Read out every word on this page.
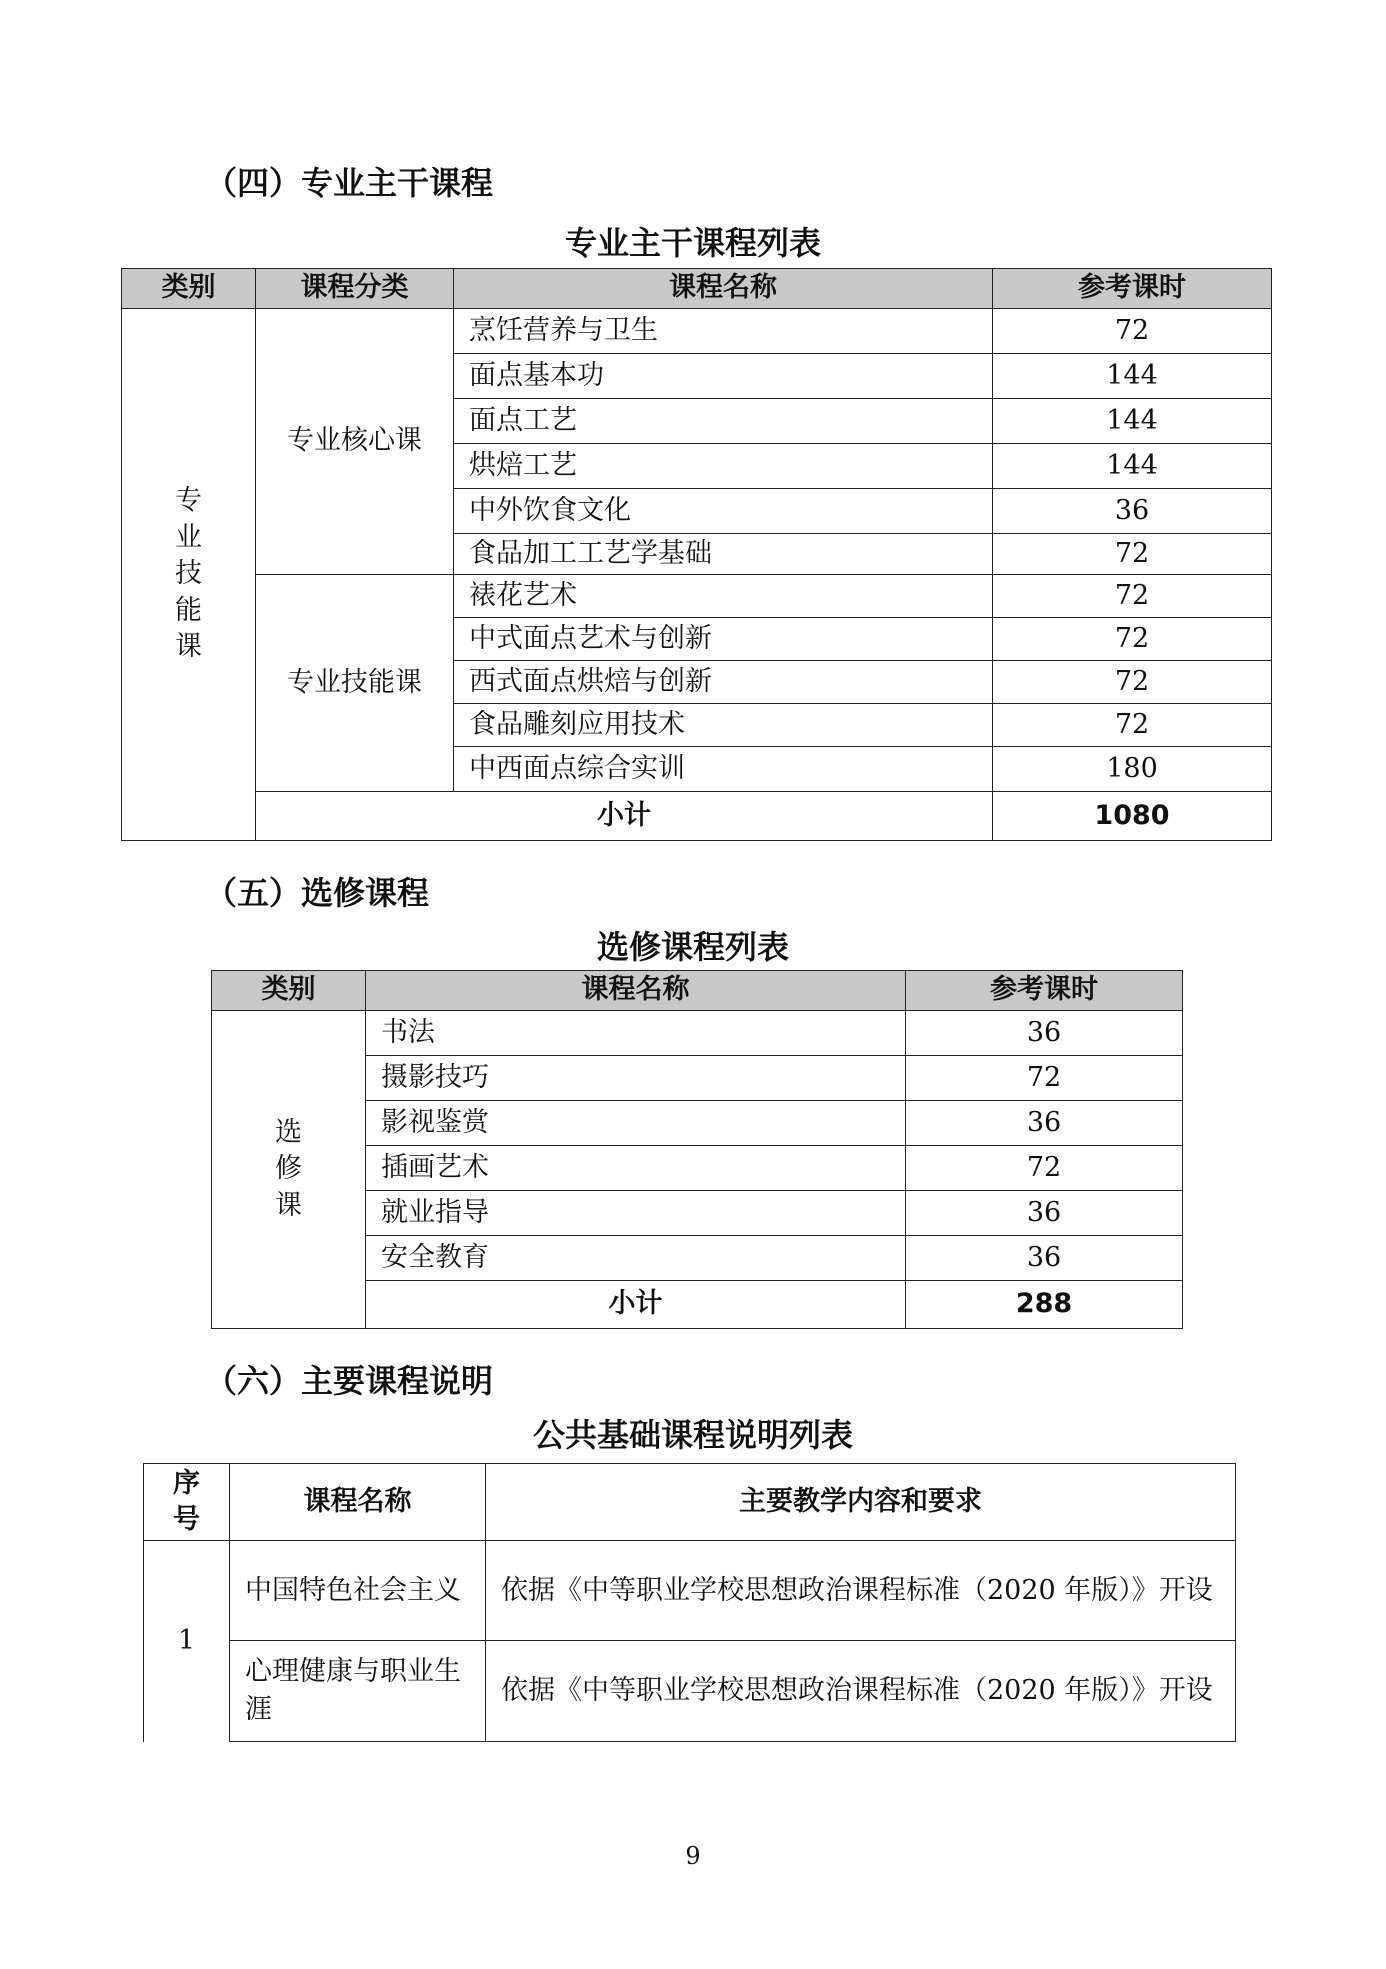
（四）专业主干课程
专业主干课程列表
类别	课程分类	课程名称	参考课时
专业技能课	专业核心课	烹饪营养与卫生	72
		面点基本功	144
		面点工艺	144
		烘焙工艺	144
		中外饮食文化	36
		食品加工工艺学基础	72
	专业技能课	裱花艺术	72
		中式面点艺术与创新	72
		西式面点烘焙与创新	72
		食品雕刻应用技术	72
		中西面点综合实训	180
	小计		1080
（五）选修课程
选修课程列表
类别	课程名称	参考课时
选修课	书法	36
	摄影技巧	72
	影视鉴赏	36
	插画艺术	72
	就业指导	36
	安全教育	36
	小计	288
（六）主要课程说明
公共基础课程说明列表
序号	课程名称	主要教学内容和要求
1	中国特色社会主义	依据《中等职业学校思想政治课程标准（2020 年版）》开设
	心理健康与职业生涯	依据《中等职业学校思想政治课程标准（2020 年版）》开设
9
